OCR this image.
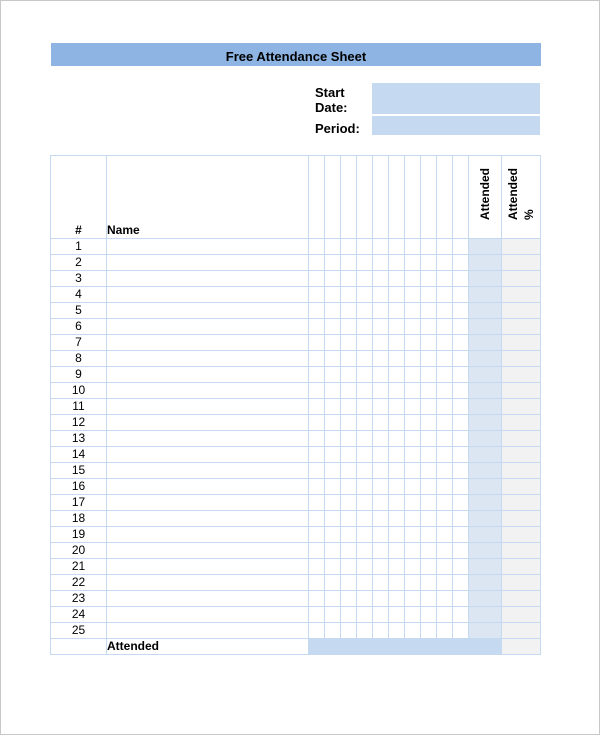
Free Attendance Sheet
Start
Date:
Period:
#	Name											Attended	Attended %

1													
2													
3													
4													
5													
6													
7													
8													
9													
10													
11													
12													
13													
14													
15													
16													
17													
18													
19													
20													
21													
22													
23													
24													
25													
	Attended												
